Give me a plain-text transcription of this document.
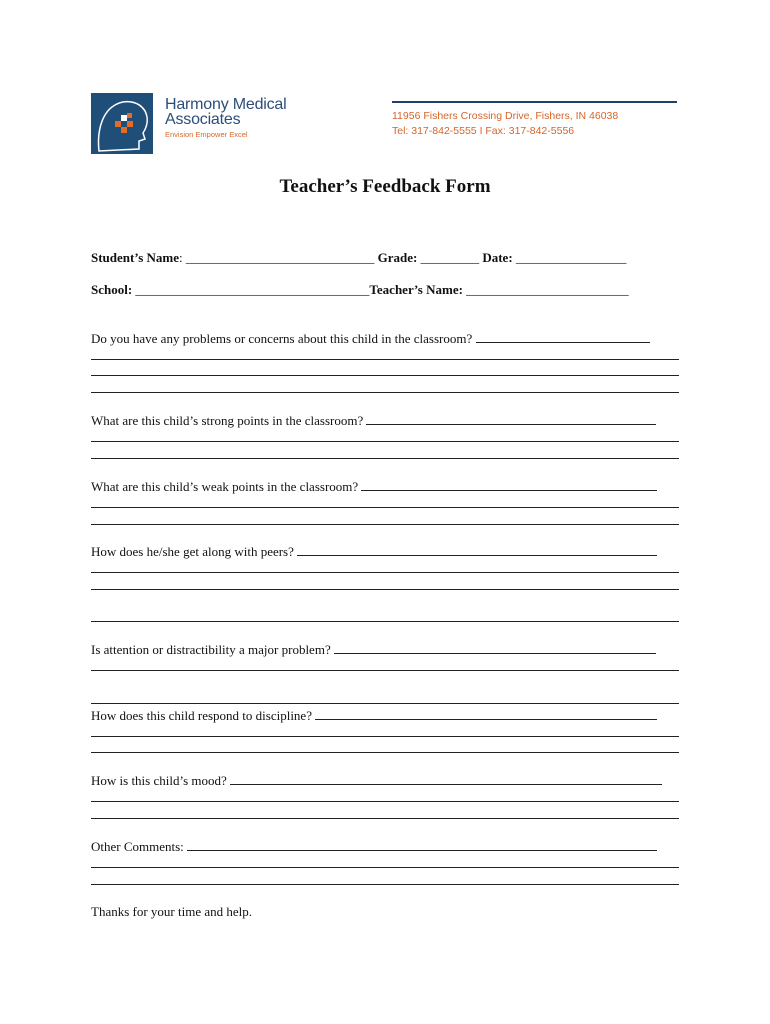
Harmony Medical
Associates
Envision Empower Excel
11956 Fishers Crossing Drive, Fishers, IN 46038
Tel: 317-842-5555 I Fax: 317-842-5556
Teacher’s Feedback Form
Student’s Name: _____________________________ Grade: _________ Date: _________________
School: ____________________________________Teacher’s Name: _________________________
Do you have any problems or concerns about this child in the classroom?
What are this child’s strong points in the classroom?
What are this child’s weak points in the classroom?
How does he/she get along with peers?
Is attention or distractibility a major problem?
How does this child respond to discipline?
How is this child’s mood?
Other Comments:
Thanks for your time and help.
